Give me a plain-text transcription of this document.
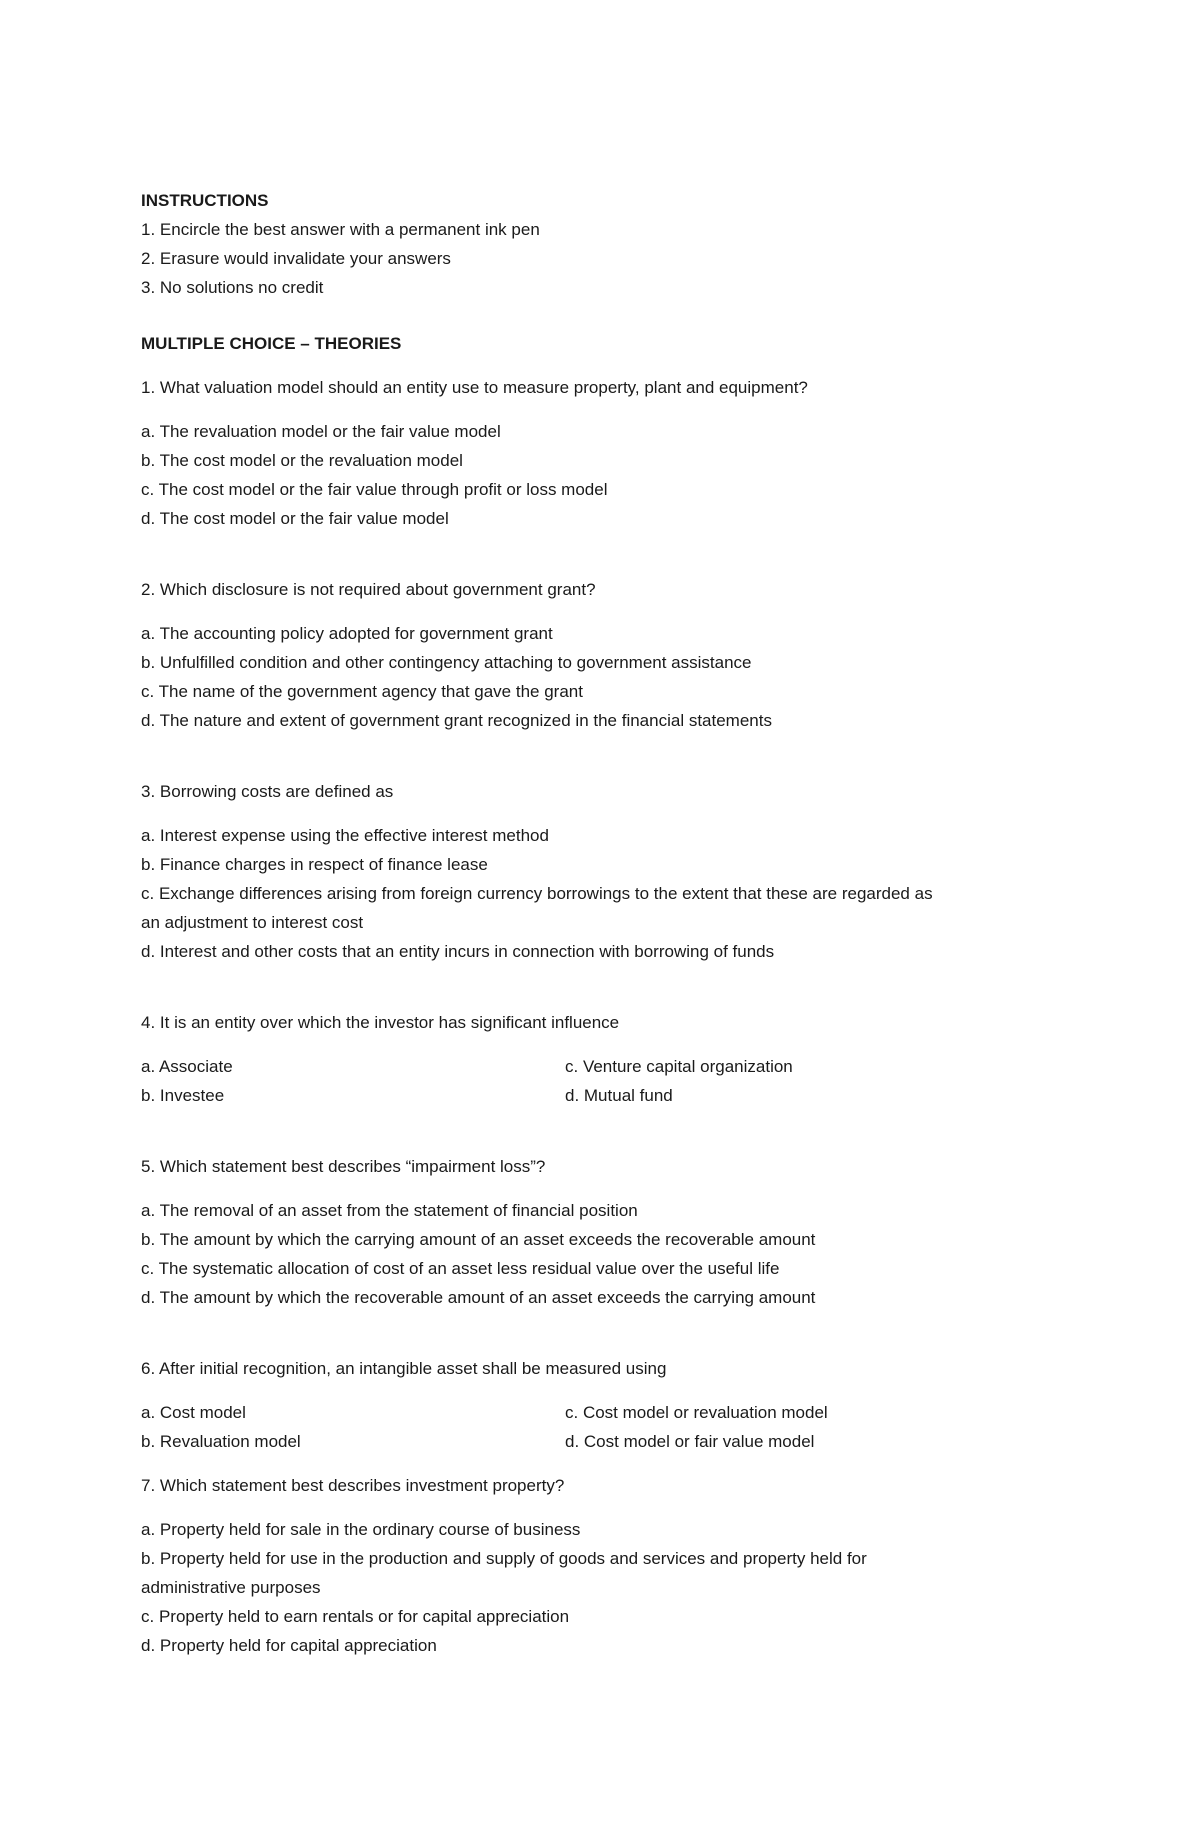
INSTRUCTIONS
1. Encircle the best answer with a permanent ink pen
2. Erasure would invalidate your answers
3. No solutions no credit
MULTIPLE CHOICE – THEORIES
1. What valuation model should an entity use to measure property, plant and equipment?
a. The revaluation model or the fair value model
b. The cost model or the revaluation model
c. The cost model or the fair value through profit or loss model
d. The cost model or the fair value model
2. Which disclosure is not required about government grant?
a. The accounting policy adopted for government grant
b. Unfulfilled condition and other contingency attaching to government assistance
c. The name of the government agency that gave the grant
d. The nature and extent of government grant recognized in the financial statements
3. Borrowing costs are defined as
a. Interest expense using the effective interest method
b. Finance charges in respect of finance lease
c. Exchange differences arising from foreign currency borrowings to the extent that these are regarded as
an adjustment to interest cost
d. Interest and other costs that an entity incurs in connection with borrowing of funds
4. It is an entity over which the investor has significant influence
a. Associate	c. Venture capital organization
b. Investee	d. Mutual fund
5. Which statement best describes “impairment loss”?
a. The removal of an asset from the statement of financial position
b. The amount by which the carrying amount of an asset exceeds the recoverable amount
c. The systematic allocation of cost of an asset less residual value over the useful life
d. The amount by which the recoverable amount of an asset exceeds the carrying amount
6. After initial recognition, an intangible asset shall be measured using
a. Cost model	c. Cost model or revaluation model
b. Revaluation model	d. Cost model or fair value model
7. Which statement best describes investment property?
a. Property held for sale in the ordinary course of business
b. Property held for use in the production and supply of goods and services and property held for
administrative purposes
c. Property held to earn rentals or for capital appreciation
d. Property held for capital appreciation
